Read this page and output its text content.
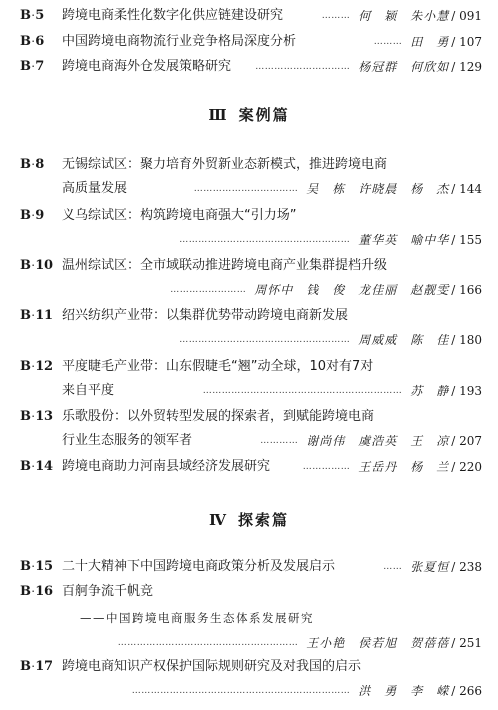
B·5 跨境电商柔性化数字化供应链建设研究	……… 何　颖　朱小慧 / 091
B·6 中国跨境电商物流行业竞争格局深度分析	……… 田　勇 / 107
B·7 跨境电商海外仓发展策略研究	………………………… 杨冠群　何欣如 / 129
Ⅲ 案例篇
B·8 无锡综试区：聚力培育外贸新业态新模式，推进跨境电商
高质量发展	…………………………… 吴　栋　许晓晨　杨　杰 / 144
B·9 义乌综试区：构筑跨境电商强大“引力场”
……………………………………………… 董华英　喻中华 / 155
B·10 温州综试区：全市域联动推进跨境电商产业集群提档升级
…………………… 周怀中　钱　俊　龙佳丽　赵靓雯 / 166
B·11 绍兴纺织产业带：以集群优势带动跨境电商新发展
……………………………………………… 周威威　陈　佳 / 180
B·12 平度睫毛产业带：山东假睫毛“翘”动全球，10对有7对
来自平度	……………………………………………………… 苏　静 / 193
B·13 乐歌股份：以外贸转型发展的探索者，到赋能跨境电商
行业生态服务的领军者	………… 谢尚伟　虞浩英　王　凉 / 207
B·14 跨境电商助力河南县域经济发展研究	…………… 王岳丹　杨　兰 / 220
Ⅳ 探索篇
B·15 二十大精神下中国跨境电商政策分析及发展启示	…… 张夏恒 / 238
B·16 百舸争流千帆竞
——中国跨境电商服务生态体系发展研究
………………………………………………… 王小艳　侯若旭　贺蓓蓓 / 251
B·17 跨境电商知识产权保护国际规则研究及对我国的启示
…………………………………………………………… 洪　勇　李　嵘 / 266
